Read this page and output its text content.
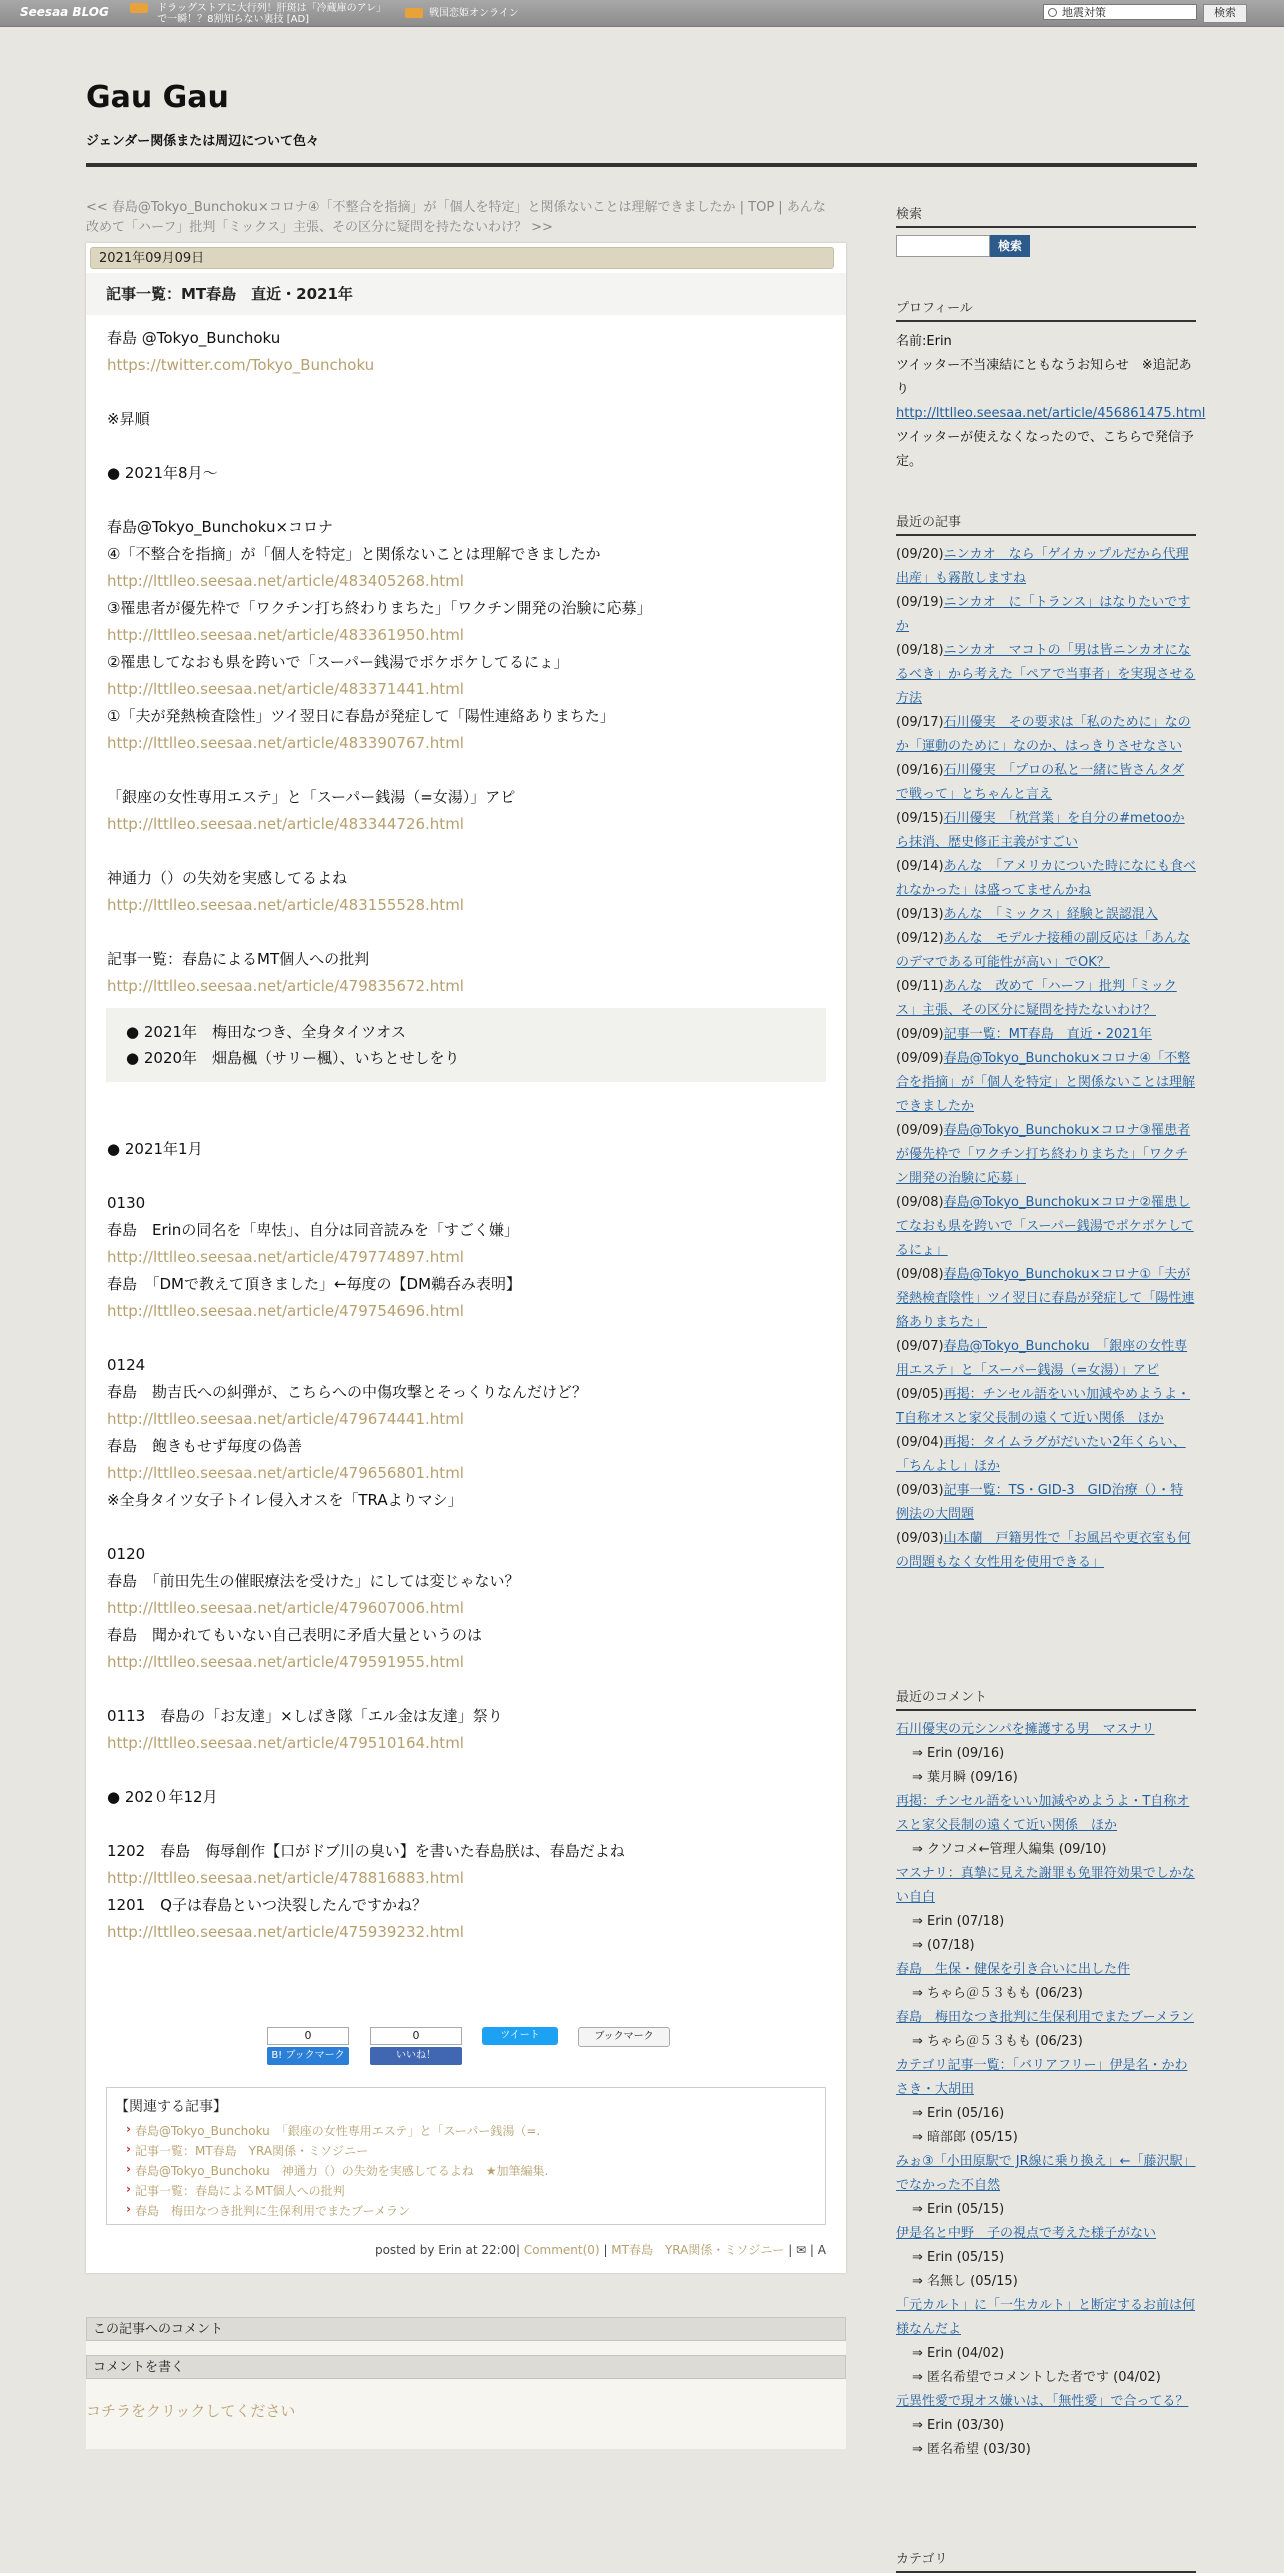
Seesaa BLOG	ドラッグストアに大行列！肝斑は「冷蔵庫のアレ」
で一瞬！？8割知らない裏技 [AD]
戦国恋姫オンライン	地震対策	検索
Gau Gau
ジェンダー関係または周辺について色々
<< 春島@Tokyo_Bunchoku×コロナ④「不整合を指摘」が「個人を特定」と関係ないことは理解できましたか | TOP | あんな　改めて「ハーフ」批判「ミックス」主張、その区分に疑問を持たないわけ？ >>
2021年09月09日
記事一覧：MT春島　直近・2021年
春島 @Tokyo_Bunchoku
https://twitter.com/Tokyo_Bunchoku
※昇順
● 2021年8月～
春島@Tokyo_Bunchoku×コロナ
④「不整合を指摘」が「個人を特定」と関係ないことは理解できましたか
http://lttlleo.seesaa.net/article/483405268.html
③罹患者が優先枠で「ワクチン打ち終わりまちた」「ワクチン開発の治験に応募」
http://lttlleo.seesaa.net/article/483361950.html
②罹患してなおも県を跨いで「スーパー銭湯でポケポケしてるにょ」
http://lttlleo.seesaa.net/article/483371441.html
①「夫が発熱検査陰性」ツイ翌日に春島が発症して「陽性連絡ありまちた」
http://lttlleo.seesaa.net/article/483390767.html
「銀座の女性専用エステ」と「スーパー銭湯（=女湯）」アピ
http://lttlleo.seesaa.net/article/483344726.html
神通力（）の失効を実感してるよね
http://lttlleo.seesaa.net/article/483155528.html
記事一覧：春島によるMT個人への批判
http://lttlleo.seesaa.net/article/479835672.html
● 2021年1月
0130
春島　Erinの同名を「卑怯」、自分は同音読みを「すごく嫌」
http://lttlleo.seesaa.net/article/479774897.html
春島　「DMで教えて頂きました」←毎度の【DM鵜呑み表明】
http://lttlleo.seesaa.net/article/479754696.html
0124
春島　勘吉氏への糾弾が、こちらへの中傷攻撃とそっくりなんだけど？
http://lttlleo.seesaa.net/article/479674441.html
春島　飽きもせず毎度の偽善
http://lttlleo.seesaa.net/article/479656801.html
※全身タイツ女子トイレ侵入オスを「TRAよりマシ」
0120
春島　「前田先生の催眠療法を受けた」にしては変じゃない？
http://lttlleo.seesaa.net/article/479607006.html
春島　聞かれてもいない自己表明に矛盾大量というのは
http://lttlleo.seesaa.net/article/479591955.html
0113　春島の「お友達」×しばき隊「エル金は友達」祭り
http://lttlleo.seesaa.net/article/479510164.html
● 202０年12月
1202　春島　侮辱創作【口がドブ川の臭い】を書いた春島朕は、春島だよね
http://lttlleo.seesaa.net/article/478816883.html
1201　Q子は春島といつ決裂したんですかね？
http://lttlleo.seesaa.net/article/475939232.html
● 2021年　梅田なつき、全身タイツオス
● 2020年　畑島楓（サリー楓）、いちとせしをり
0
B! ブックマーク
0
いいね！
ツイート	ブックマーク
【関連する記事】
› 春島@Tokyo_Bunchoku　「銀座の女性専用エステ」と「スーパー銭湯（=.
› 記事一覧：MT春島　YRA関係・ミソジニー
› 春島@Tokyo_Bunchoku　神通力（）の失効を実感してるよね　★加筆編集.
› 記事一覧：春島によるMT個人への批判
› 春島　梅田なつき批判に生保利用でまたブーメラン
posted by Erin at 22:00| Comment(0) | MT春島　YRA関係・ミソジニー | ✉ | A
この記事へのコメント
コメントを書く
コチラをクリックしてください
検索
検索
プロフィール
名前:Erin
ツイッター不当凍結にともなうお知らせ　※追記あり
http://lttlleo.seesaa.net/article/456861475.html
ツイッターが使えなくなったので、こちらで発信予定。
最近の記事
(09/20)ニンカオ　なら「ゲイカップルだから代理出産」も霧散しますね
(09/19)ニンカオ　に「トランス」はなりたいですか
(09/18)ニンカオ　マコトの「男は皆ニンカオになるべき」から考えた「ペアで当事者」を実現させる方法
(09/17)石川優実　その要求は「私のために」なのか「運動のために」なのか、はっきりさせなさい
(09/16)石川優実　「プロの私と一緒に皆さんタダで戦って」とちゃんと言え
(09/15)石川優実　「枕営業」を自分の#metooから抹消、歴史修正主義がすごい
(09/14)あんな　「アメリカについた時になにも食べれなかった」は盛ってませんかね
(09/13)あんな　「ミックス」経験と誤認混入
(09/12)あんな　モデルナ接種の副反応は「あんなのデマである可能性が高い」でOK？
(09/11)あんな　改めて「ハーフ」批判「ミックス」主張、その区分に疑問を持たないわけ？
(09/09)記事一覧：MT春島　直近・2021年
(09/09)春島@Tokyo_Bunchoku×コロナ④「不整合を指摘」が「個人を特定」と関係ないことは理解できましたか
(09/09)春島@Tokyo_Bunchoku×コロナ③罹患者が優先枠で「ワクチン打ち終わりまちた」「ワクチン開発の治験に応募」
(09/08)春島@Tokyo_Bunchoku×コロナ②罹患してなおも県を跨いで「スーパー銭湯でポケポケしてるにょ」
(09/08)春島@Tokyo_Bunchoku×コロナ①「夫が発熱検査陰性」ツイ翌日に春島が発症して「陽性連絡ありまちた」
(09/07)春島@Tokyo_Bunchoku　「銀座の女性専用エステ」と「スーパー銭湯（=女湯）」アピ
(09/05)再掲：チンセル語をいい加減やめようよ・T自称オスと家父長制の遠くて近い関係　ほか
(09/04)再掲：タイムラグがだいたい2年くらい、「ちんよし」ほか
(09/03)記事一覧：TS・GID-3　GID治療（）・特例法の大問題
(09/03)山本蘭　戸籍男性で「お風呂や更衣室も何の問題もなく女性用を使用できる」
最近のコメント
石川優実の元シンパを擁護する男　マスナリ
⇒ Erin (09/16)
⇒ 葉月瞬 (09/16)
再掲：チンセル語をいい加減やめようよ・T自称オスと家父長制の遠くて近い関係　ほか
⇒ クソコメ←管理人編集 (09/10)
マスナリ：真摯に見えた謝罪も免罪符効果でしかない自白
⇒ Erin (07/18)
⇒ (07/18)
春島　生保・健保を引き合いに出した件
⇒ ちゃら＠５３もも (06/23)
春島　梅田なつき批判に生保利用でまたブーメラン
⇒ ちゃら＠５３もも (06/23)
カテゴリ記事一覧：「バリアフリー」伊是名・かわさき・大胡田
⇒ Erin (05/16)
⇒ 暗部郎 (05/15)
みぉ③「小田原駅で JR線に乗り換え」←「藤沢駅」でなかった不自然
⇒ Erin (05/15)
伊是名と中野　子の視点で考えた様子がない
⇒ Erin (05/15)
⇒ 名無し (05/15)
「元カルト」に「一生カルト」と断定するお前は何様なんだよ
⇒ Erin (04/02)
⇒ 匿名希望でコメントした者です (04/02)
元異性愛で現オス嫌いは、「無性愛」で合ってる？
⇒ Erin (03/30)
⇒ 匿名希望 (03/30)
カテゴリ
